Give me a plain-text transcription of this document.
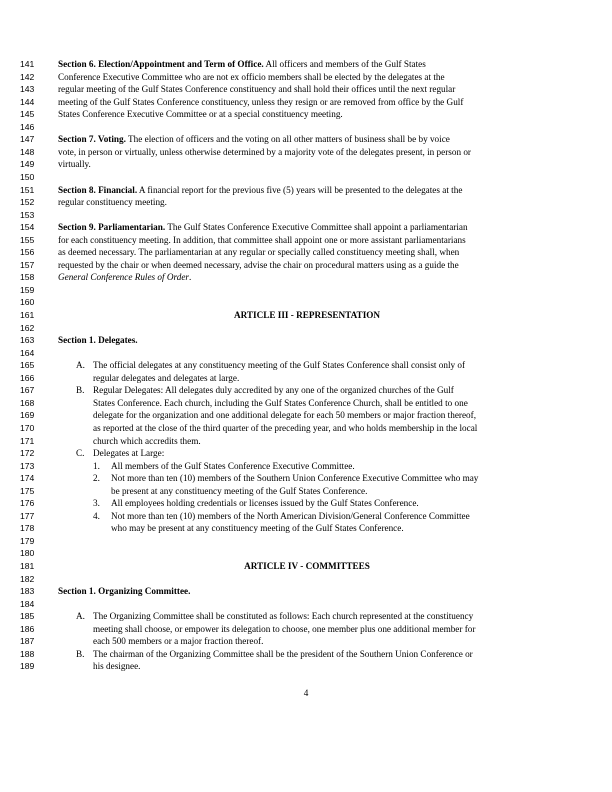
141	Section 6. Election/Appointment and Term of Office. All officers and members of the Gulf States
142	Conference Executive Committee who are not ex officio members shall be elected by the delegates at the
143	regular meeting of the Gulf States Conference constituency and shall hold their offices until the next regular
144	meeting of the Gulf States Conference constituency, unless they resign or are removed from office by the Gulf
145	States Conference Executive Committee or at a special constituency meeting.
146
147	Section 7. Voting. The election of officers and the voting on all other matters of business shall be by voice
148	vote, in person or virtually, unless otherwise determined by a majority vote of the delegates present, in person or
149	virtually.
150
151	Section 8. Financial. A financial report for the previous five (5) years will be presented to the delegates at the
152	regular constituency meeting.
153
154	Section 9. Parliamentarian. The Gulf States Conference Executive Committee shall appoint a parliamentarian
155	for each constituency meeting. In addition, that committee shall appoint one or more assistant parliamentarians
156	as deemed necessary. The parliamentarian at any regular or specially called constituency meeting shall, when
157	requested by the chair or when deemed necessary, advise the chair on procedural matters using as a guide the
158	General Conference Rules of Order.
159
160
161	ARTICLE III - REPRESENTATION
162
163	Section 1. Delegates.
164
165	A. The official delegates at any constituency meeting of the Gulf States Conference shall consist only of
166	regular delegates and delegates at large.
167	B. Regular Delegates: All delegates duly accredited by any one of the organized churches of the Gulf
168	States Conference. Each church, including the Gulf States Conference Church, shall be entitled to one
169	delegate for the organization and one additional delegate for each 50 members or major fraction thereof,
170	as reported at the close of the third quarter of the preceding year, and who holds membership in the local
171	church which accredits them.
172	C. Delegates at Large:
173	1. All members of the Gulf States Conference Executive Committee.
174	2. Not more than ten (10) members of the Southern Union Conference Executive Committee who may
175	be present at any constituency meeting of the Gulf States Conference.
176	3. All employees holding credentials or licenses issued by the Gulf States Conference.
177	4. Not more than ten (10) members of the North American Division/General Conference Committee
178	who may be present at any constituency meeting of the Gulf States Conference.
179
180
181	ARTICLE IV - COMMITTEES
182
183	Section 1. Organizing Committee.
184
185	A. The Organizing Committee shall be constituted as follows: Each church represented at the constituency
186	meeting shall choose, or empower its delegation to choose, one member plus one additional member for
187	each 500 members or a major fraction thereof.
188	B. The chairman of the Organizing Committee shall be the president of the Southern Union Conference or
189	his designee.
4
